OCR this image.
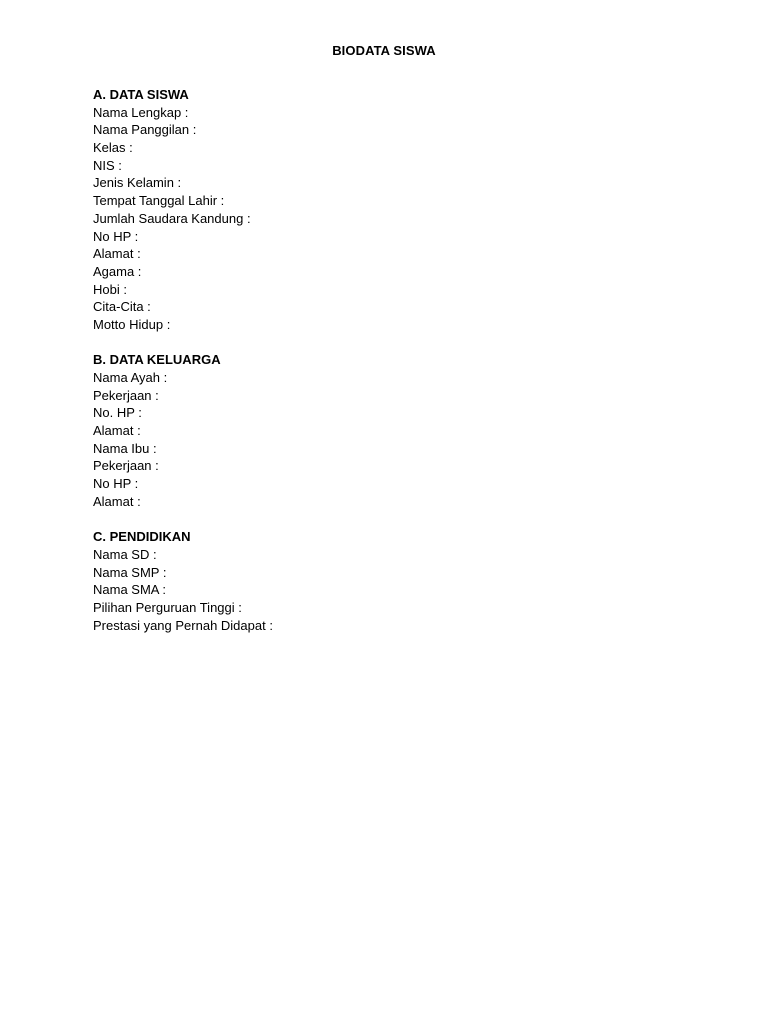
BIODATA SISWA
A. DATA SISWA
Nama Lengkap :
Nama Panggilan :
Kelas :
NIS :
Jenis Kelamin :
Tempat Tanggal Lahir :
Jumlah Saudara Kandung :
No HP :
Alamat :
Agama :
Hobi :
Cita-Cita :
Motto Hidup :
B. DATA KELUARGA
Nama Ayah :
Pekerjaan :
No. HP :
Alamat :
Nama Ibu :
Pekerjaan :
No HP :
Alamat :
C. PENDIDIKAN
Nama SD :
Nama SMP :
Nama SMA :
Pilihan Perguruan Tinggi :
Prestasi yang Pernah Didapat :
